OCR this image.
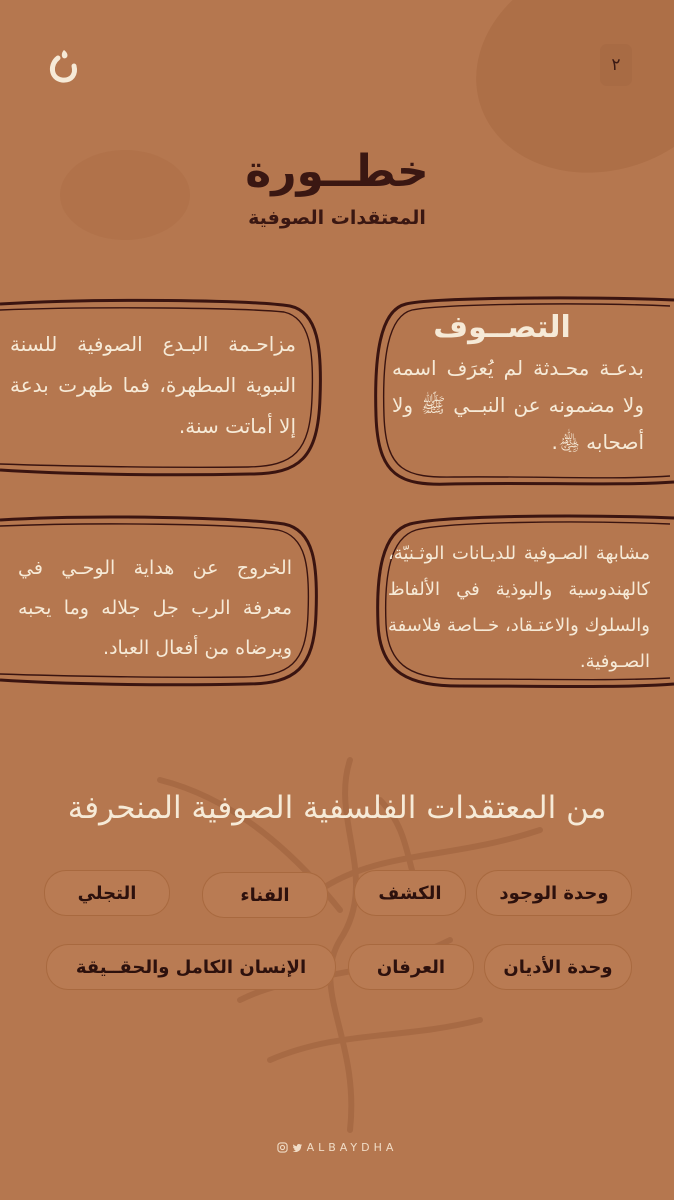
٢
خطــورة
المعتقدات الصوفية
التصــوف
بدعـة محـدثة لم يُعرَف اسمه ولا مضمونه عن النبــي ﷺ ولا أصحابه ﵃.
مزاحـمة البـدع الصوفية للسنة النبوية المطهرة، فما ظهرت بدعة إلا أماتت سنة.
مشابهة الصـوفية للديـانات الوثـنيّة، كالهندوسية والبوذية في الألفاظ والسلوك والاعتـقاد، خــاصة فلاسفة الصـوفية.
الخروج عن هداية الوحـي في معرفة الرب جل جلاله وما يحبه ويرضاه من أفعال العباد.
من المعتقدات الفلسفية الصوفية المنحرفة
وحدة الوجود
الكشف
الفناء
التجلي
وحدة الأديان
العرفان
الإنسان الكامل والحقــيقة
ALBAYDHA
